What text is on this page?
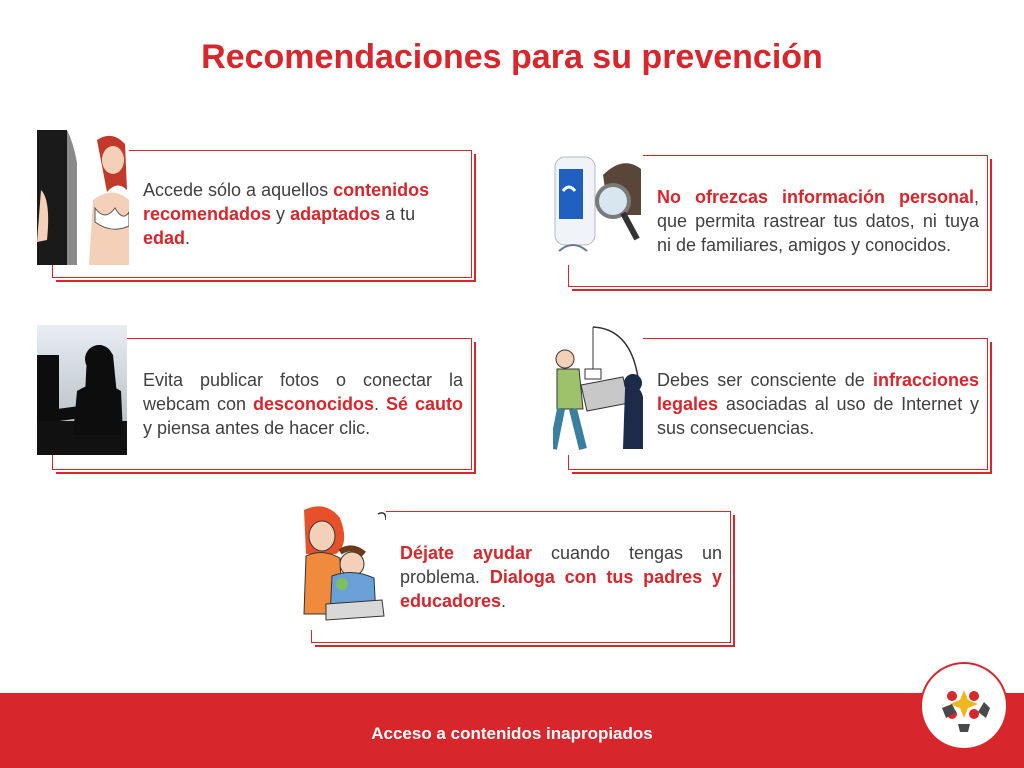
Recomendaciones para su prevención
Accede sólo a aquellos contenidos recomendados y adaptados a tu edad.
No ofrezcas información personal, que permita rastrear tus datos, ni tuya ni de familiares, amigos y conocidos.
Evita publicar fotos o conectar la webcam con desconocidos. Sé cauto y piensa antes de hacer clic.
Debes ser consciente de infracciones legales asociadas al uso de Internet y sus consecuencias.
Déjate ayudar cuando tengas un problema. Dialoga con tus padres y educadores.
Acceso a contenidos inapropiados
